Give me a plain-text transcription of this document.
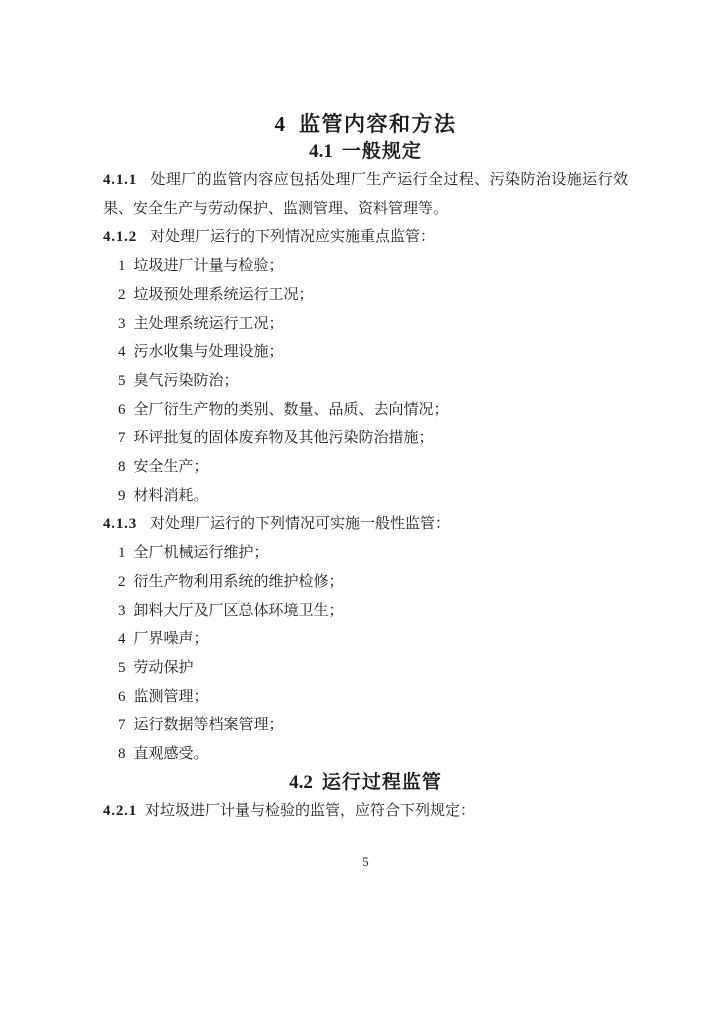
4 监管内容和方法
4.1 一般规定

4.1.1 处理厂的监管内容应包括处理厂生产运行全过程、污染防治设施运行效果、安全生产与劳动保护、监测管理、资料管理等。

4.1.2 对处理厂运行的下列情况应实施重点监管：

1 垃圾进厂计量与检验；
2 垃圾预处理系统运行工况；
3 主处理系统运行工况；
4 污水收集与处理设施；
5 臭气污染防治；
6 全厂衍生产物的类别、数量、品质、去向情况；
7 环评批复的固体废弃物及其他污染防治措施；
8 安全生产；
9 材料消耗。

4.1.3 对处理厂运行的下列情况可实施一般性监管：

1 全厂机械运行维护；
2 衍生产物利用系统的维护检修；
3 卸料大厅及厂区总体环境卫生；
4 厂界噪声；
5 劳动保护
6 监测管理；
7 运行数据等档案管理；
8 直观感受。
4.2 运行过程监管

4.2.1 对垃圾进厂计量与检验的监管，应符合下列规定：

5
